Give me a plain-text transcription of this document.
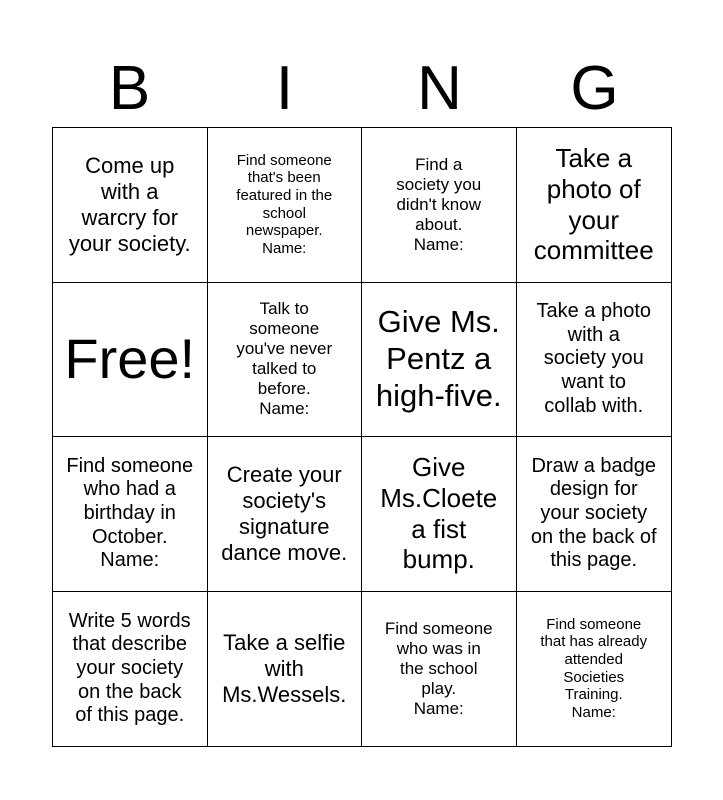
B	I	N	G
Come up
with a
warcry for
your society.
Find someone
that's been
featured in the
school
newspaper.
Name:
Find a
society you
didn't know
about.
Name:
Take a
photo of
your
committee
Free!
Talk to
someone
you've never
talked to
before.
Name:
Give Ms.
Pentz a
high-five.
Take a photo
with a
society you
want to
collab with.
Find someone
who had a
birthday in
October.
Name:
Create your
society's
signature
dance move.
Give
Ms.Cloete
a fist
bump.
Draw a badge
design for
your society
on the back of
this page.
Write 5 words
that describe
your society
on the back
of this page.
Take a selfie
with
Ms.Wessels.
Find someone
who was in
the school
play.
Name:
Find someone
that has already
attended
Societies
Training.
Name:
